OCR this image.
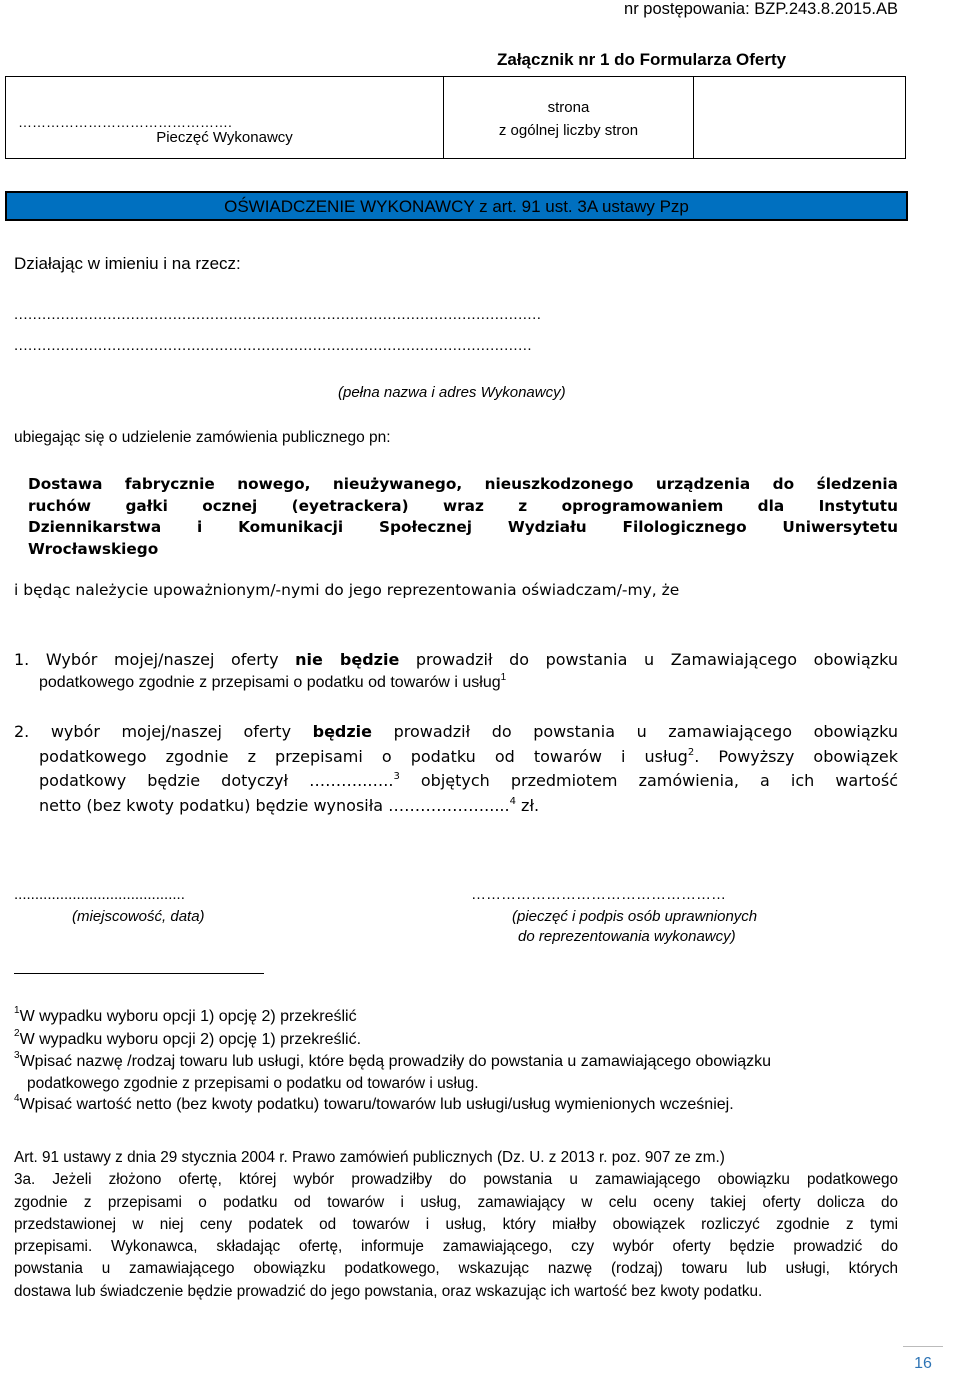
nr postępowania: BZP.243.8.2015.AB
Załącznik nr 1 do Formularza Oferty
……………………………………….
Pieczęć Wykonawcy
strona
z ogólnej liczby stron
OŚWIADCZENIE WYKONAWCY z art. 91 ust. 3A ustawy Pzp
Działając w imieniu i na rzecz:
.................................................................................................................
...............................................................................................................
(pełna nazwa i adres Wykonawcy)
ubiegając się o udzielenie zamówienia publicznego pn:
Dostawa fabrycznie nowego, nieużywanego, nieuszkodzonego urządzenia do śledzenia
ruchów gałki ocznej (eyetrackera) wraz z oprogramowaniem dla Instytutu
Dziennikarstwa i Komunikacji Społecznej Wydziału Filologicznego Uniwersytetu
Wrocławskiego
i będąc należycie upoważnionym/-nymi do jego reprezentowania oświadczam/-my, że
1. Wybór mojej/naszej oferty nie będzie prowadził do powstania u Zamawiającego obowiązku
podatkowego zgodnie z przepisami o podatku od towarów i usług$^1$
2. wybór mojej/naszej oferty będzie prowadził do powstania u zamawiającego obowiązku
podatkowego zgodnie z przepisami o podatku od towarów i usług$^2$. Powyższy obowiązek
podatkowy będzie dotyczył ………..…..$^3$ objętych przedmiotem zamówienia, a ich wartość
netto (bez kwoty podatku) będzie wynosiła ……………….....$^4$ zł.
.........................................	……………………………………………
(miejscowość, data)	(pieczęć i podpis osób uprawnionych
do reprezentowania wykonawcy)
$^1$W wypadku wyboru opcji 1) opcję 2) przekreślić
$^2$W wypadku wyboru opcji 2) opcję 1) przekreślić.
$^3$Wpisać nazwę /rodzaj towaru lub usługi, które będą prowadziły do powstania u zamawiającego obowiązku
podatkowego zgodnie z przepisami o podatku od towarów i usług.
$^4$Wpisać wartość netto (bez kwoty podatku) towaru/towarów lub usługi/usług wymienionych wcześniej.
Art. 91 ustawy z dnia 29 stycznia 2004 r. Prawo zamówień publicznych (Dz. U. z 2013 r. poz. 907 ze zm.)
3a. Jeżeli złożono ofertę, której wybór prowadziłby do powstania u zamawiającego obowiązku podatkowego
zgodnie z przepisami o podatku od towarów i usług, zamawiający w celu oceny takiej oferty dolicza do
przedstawionej w niej ceny podatek od towarów i usług, który miałby obowiązek rozliczyć zgodnie z tymi
przepisami. Wykonawca, składając ofertę, informuje zamawiającego, czy wybór oferty będzie prowadzić do
powstania u zamawiającego obowiązku podatkowego, wskazując nazwę (rodzaj) towaru lub usługi, których
dostawa lub świadczenie będzie prowadzić do jego powstania, oraz wskazując ich wartość bez kwoty podatku.
16
